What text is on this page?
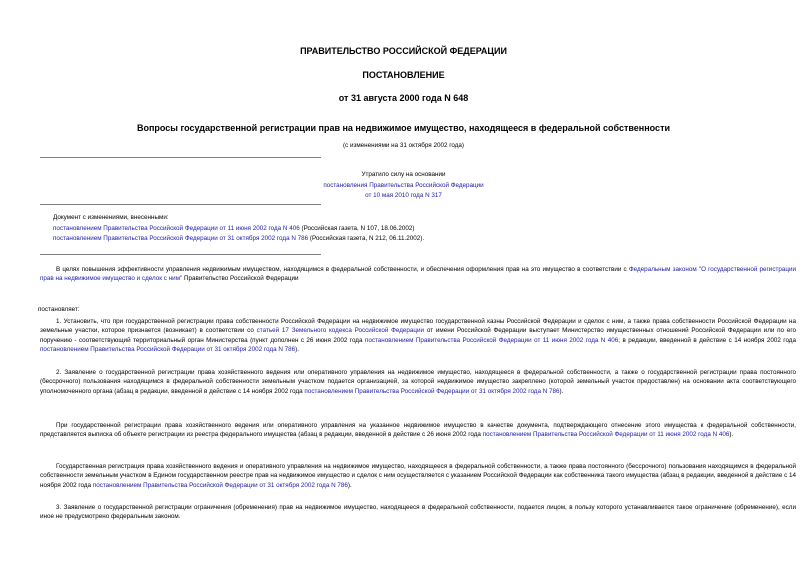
ПРАВИТЕЛЬСТВО РОССИЙСКОЙ ФЕДЕРАЦИИ
ПОСТАНОВЛЕНИЕ
от 31 августа 2000 года N 648
Вопросы государственной регистрации прав на недвижимое имущество, находящееся в федеральной собственности
(с изменениями на 31 октября 2002 года)
Утратило силу на основании
постановления Правительства Российской Федерации
от 10 мая 2010 года N 317
Документ с изменениями, внесенными:
постановлением Правительства Российской Федерации от 11 июня 2002 года N 406 (Российская газета, N 107, 18.06.2002)
постановлением Правительства Российской Федерации от 31 октября 2002 года N 786 (Российская газета, N 212, 06.11.2002).
В целях повышения эффективности управления недвижимым имуществом, находящимся в федеральной собственности, и обеспечения оформления прав на это имущество в соответствии с Федеральным законом "О государственной регистрации прав на недвижимое имущество и сделок с ним" Правительство Российской Федерации
постановляет:
1. Установить, что при государственной регистрации права собственности Российской Федерации на недвижимое имущество государственной казны Российской Федерации и сделок с ним, а также права собственности Российской Федерации на земельные участки, которое признается (возникает) в соответствии со статьей 17 Земельного кодекса Российской Федерации от имени Российской Федерации выступает Министерство имущественных отношений Российской Федерации или по его поручению - соответствующий территориальный орган Министерства (пункт дополнен с 26 июня 2002 года постановлением Правительства Российской Федерации от 11 июня 2002 года N 406; в редакции, введенной в действие с 14 ноября 2002 года постановлением Правительства Российской Федерации от 31 октября 2002 года N 786).
2. Заявление о государственной регистрации права хозяйственного ведения или оперативного управления на недвижимое имущество, находящееся в федеральной собственности, а также о государственной регистрации права постоянного (бессрочного) пользования находящимся в федеральной собственности земельным участком подается организацией, за которой недвижимое имущество закреплено (которой земельный участок предоставлен) на основании акта соответствующего уполномоченного органа (абзац в редакции, введенной в действие с 14 ноября 2002 года постановлением Правительства Российской Федерации от 31 октября 2002 года N 786).
При государственной регистрации права хозяйственного ведения или оперативного управления на указанное недвижимое имущество в качестве документа, подтверждающего отнесение этого имущества к федеральной собственности, представляется выписка об объекте регистрации из реестра федерального имущества (абзац в редакции, введенной в действие с 26 июня 2002 года постановлением Правительства Российской Федерации от 11 июня 2002 года N 406).
Государственная регистрация права хозяйственного ведения и оперативного управления на недвижимое имущество, находящееся в федеральной собственности, а также права постоянного (бессрочного) пользования находящимся в федеральной собственности земельным участком в Едином государственном реестре прав на недвижимое имущество и сделок с ним осуществляется с указанием Российской Федерации как собственника такого имущества (абзац в редакции, введенной в действие с 14 ноября 2002 года постановлением Правительства Российской Федерации от 31 октября 2002 года N 786).
3. Заявление о государственной регистрации ограничения (обременения) прав на недвижимое имущество, находящееся в федеральной собственности, подается лицом, в пользу которого устанавливается такое ограничение (обременение), если иное не предусмотрено федеральным законом.
